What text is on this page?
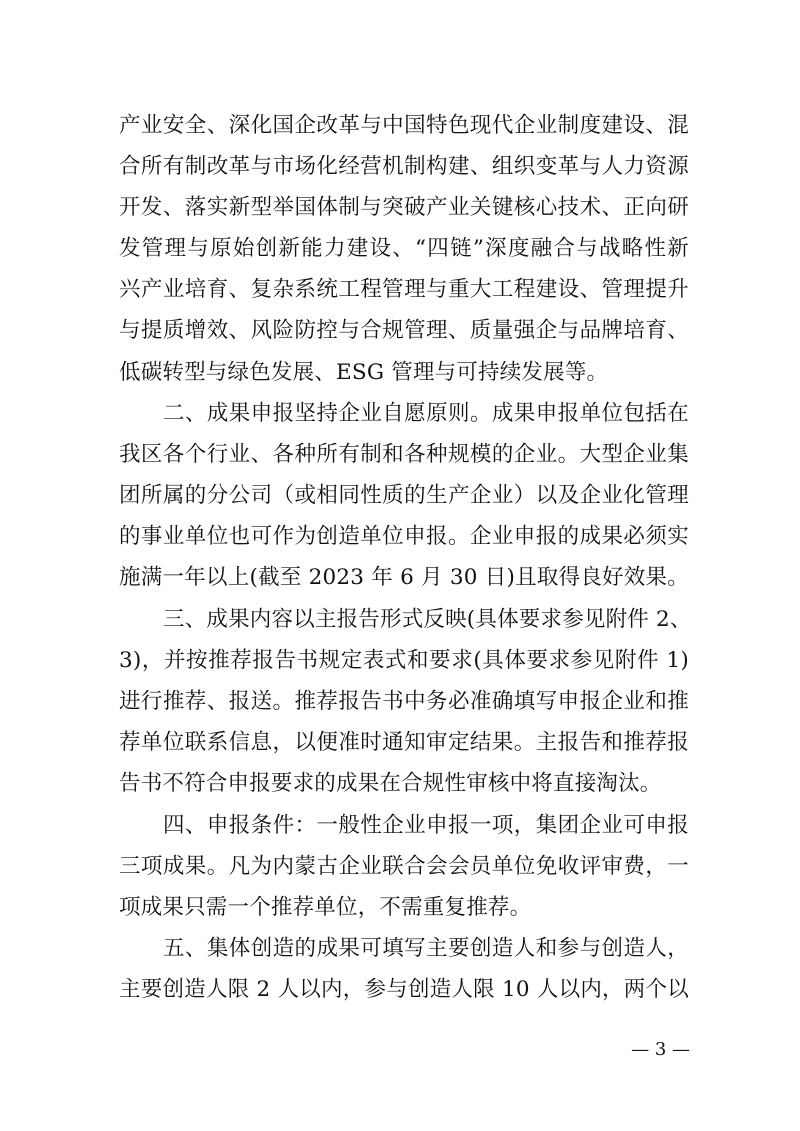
产业安全、深化国企改革与中国特色现代企业制度建设、混
合所有制改革与市场化经营机制构建、组织变革与人力资源
开发、落实新型举国体制与突破产业关键核心技术、正向研
发管理与原始创新能力建设、“四链”深度融合与战略性新
兴产业培育、复杂系统工程管理与重大工程建设、管理提升
与提质增效、风险防控与合规管理、质量强企与品牌培育、
低碳转型与绿色发展、ESG 管理与可持续发展等。
二、成果申报坚持企业自愿原则。成果申报单位包括在
我区各个行业、各种所有制和各种规模的企业。大型企业集
团所属的分公司（或相同性质的生产企业）以及企业化管理
的事业单位也可作为创造单位申报。企业申报的成果必须实
施满一年以上(截至 2023 年 6 月 30 日)且取得良好效果。
三、成果内容以主报告形式反映(具体要求参见附件 2、
3)，并按推荐报告书规定表式和要求(具体要求参见附件 1)
进行推荐、报送。推荐报告书中务必准确填写申报企业和推
荐单位联系信息，以便准时通知审定结果。主报告和推荐报
告书不符合申报要求的成果在合规性审核中将直接淘汰。
四、申报条件：一般性企业申报一项，集团企业可申报
三项成果。凡为内蒙古企业联合会会员单位免收评审费，一
项成果只需一个推荐单位，不需重复推荐。
五、集体创造的成果可填写主要创造人和参与创造人，
主要创造人限 2 人以内，参与创造人限 10 人以内，两个以
— 3 —
